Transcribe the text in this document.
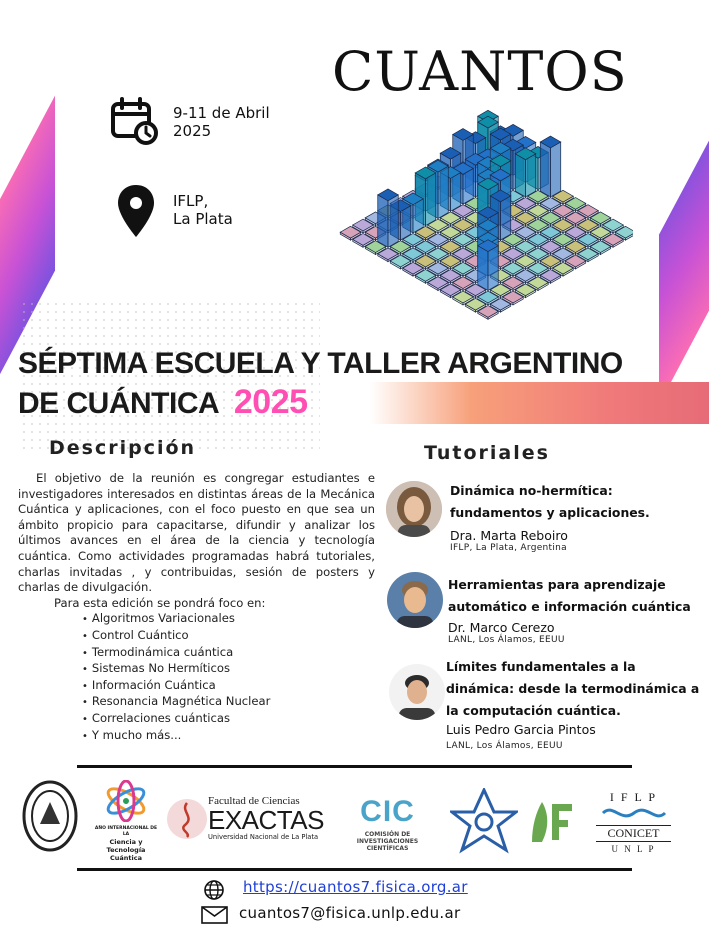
CUANTOS
9-11 de Abril
2025
IFLP,
La Plata
SÉPTIMA ESCUELA Y TALLER ARGENTINO
DE CUÁNTICA 2025
Descripción
El objetivo de la reunión es congregar estudiantes e investigadores interesados en distintas áreas de la Mecánica Cuántica y aplicaciones, con el foco puesto en que sea un ámbito propicio para capacitarse, difundir y analizar los últimos avances en el área de la ciencia y tecnología cuántica. Como actividades programadas habrá tutoriales, charlas invitadas , y contribuidas, sesión de posters y charlas de divulgación.
Para esta edición se pondrá foco en:
• Algoritmos Variacionales
• Control Cuántico
• Termodinámica cuántica
• Sistemas No Hermíticos
• Información Cuántica
• Resonancia Magnética Nuclear
• Correlaciones cuánticas
• Y mucho más...
Tutoriales
Dinámica no-hermítica:
fundamentos y aplicaciones.
Dra. Marta Reboiro
IFLP, La Plata, Argentina
Herramientas para aprendizaje
automático e información cuántica
Dr. Marco Cerezo
LANL, Los Álamos, EEUU
Límites fundamentales a la
dinámica: desde la termodinámica a
la computación cuántica.
Luis Pedro Garcia Pintos
LANL, Los Álamos, EEUU
AÑO INTERNACIONAL DE LA
Ciencia y Tecnología
Cuántica
Facultad de Ciencias
EXACTAS
Universidad Nacional de La Plata
CIC
COMISIÓN DE
INVESTIGACIONES CIENTÍFICAS
I F L P
CONICET
U N L P
https://cuantos7.fisica.org.ar
cuantos7@fisica.unlp.edu.ar
